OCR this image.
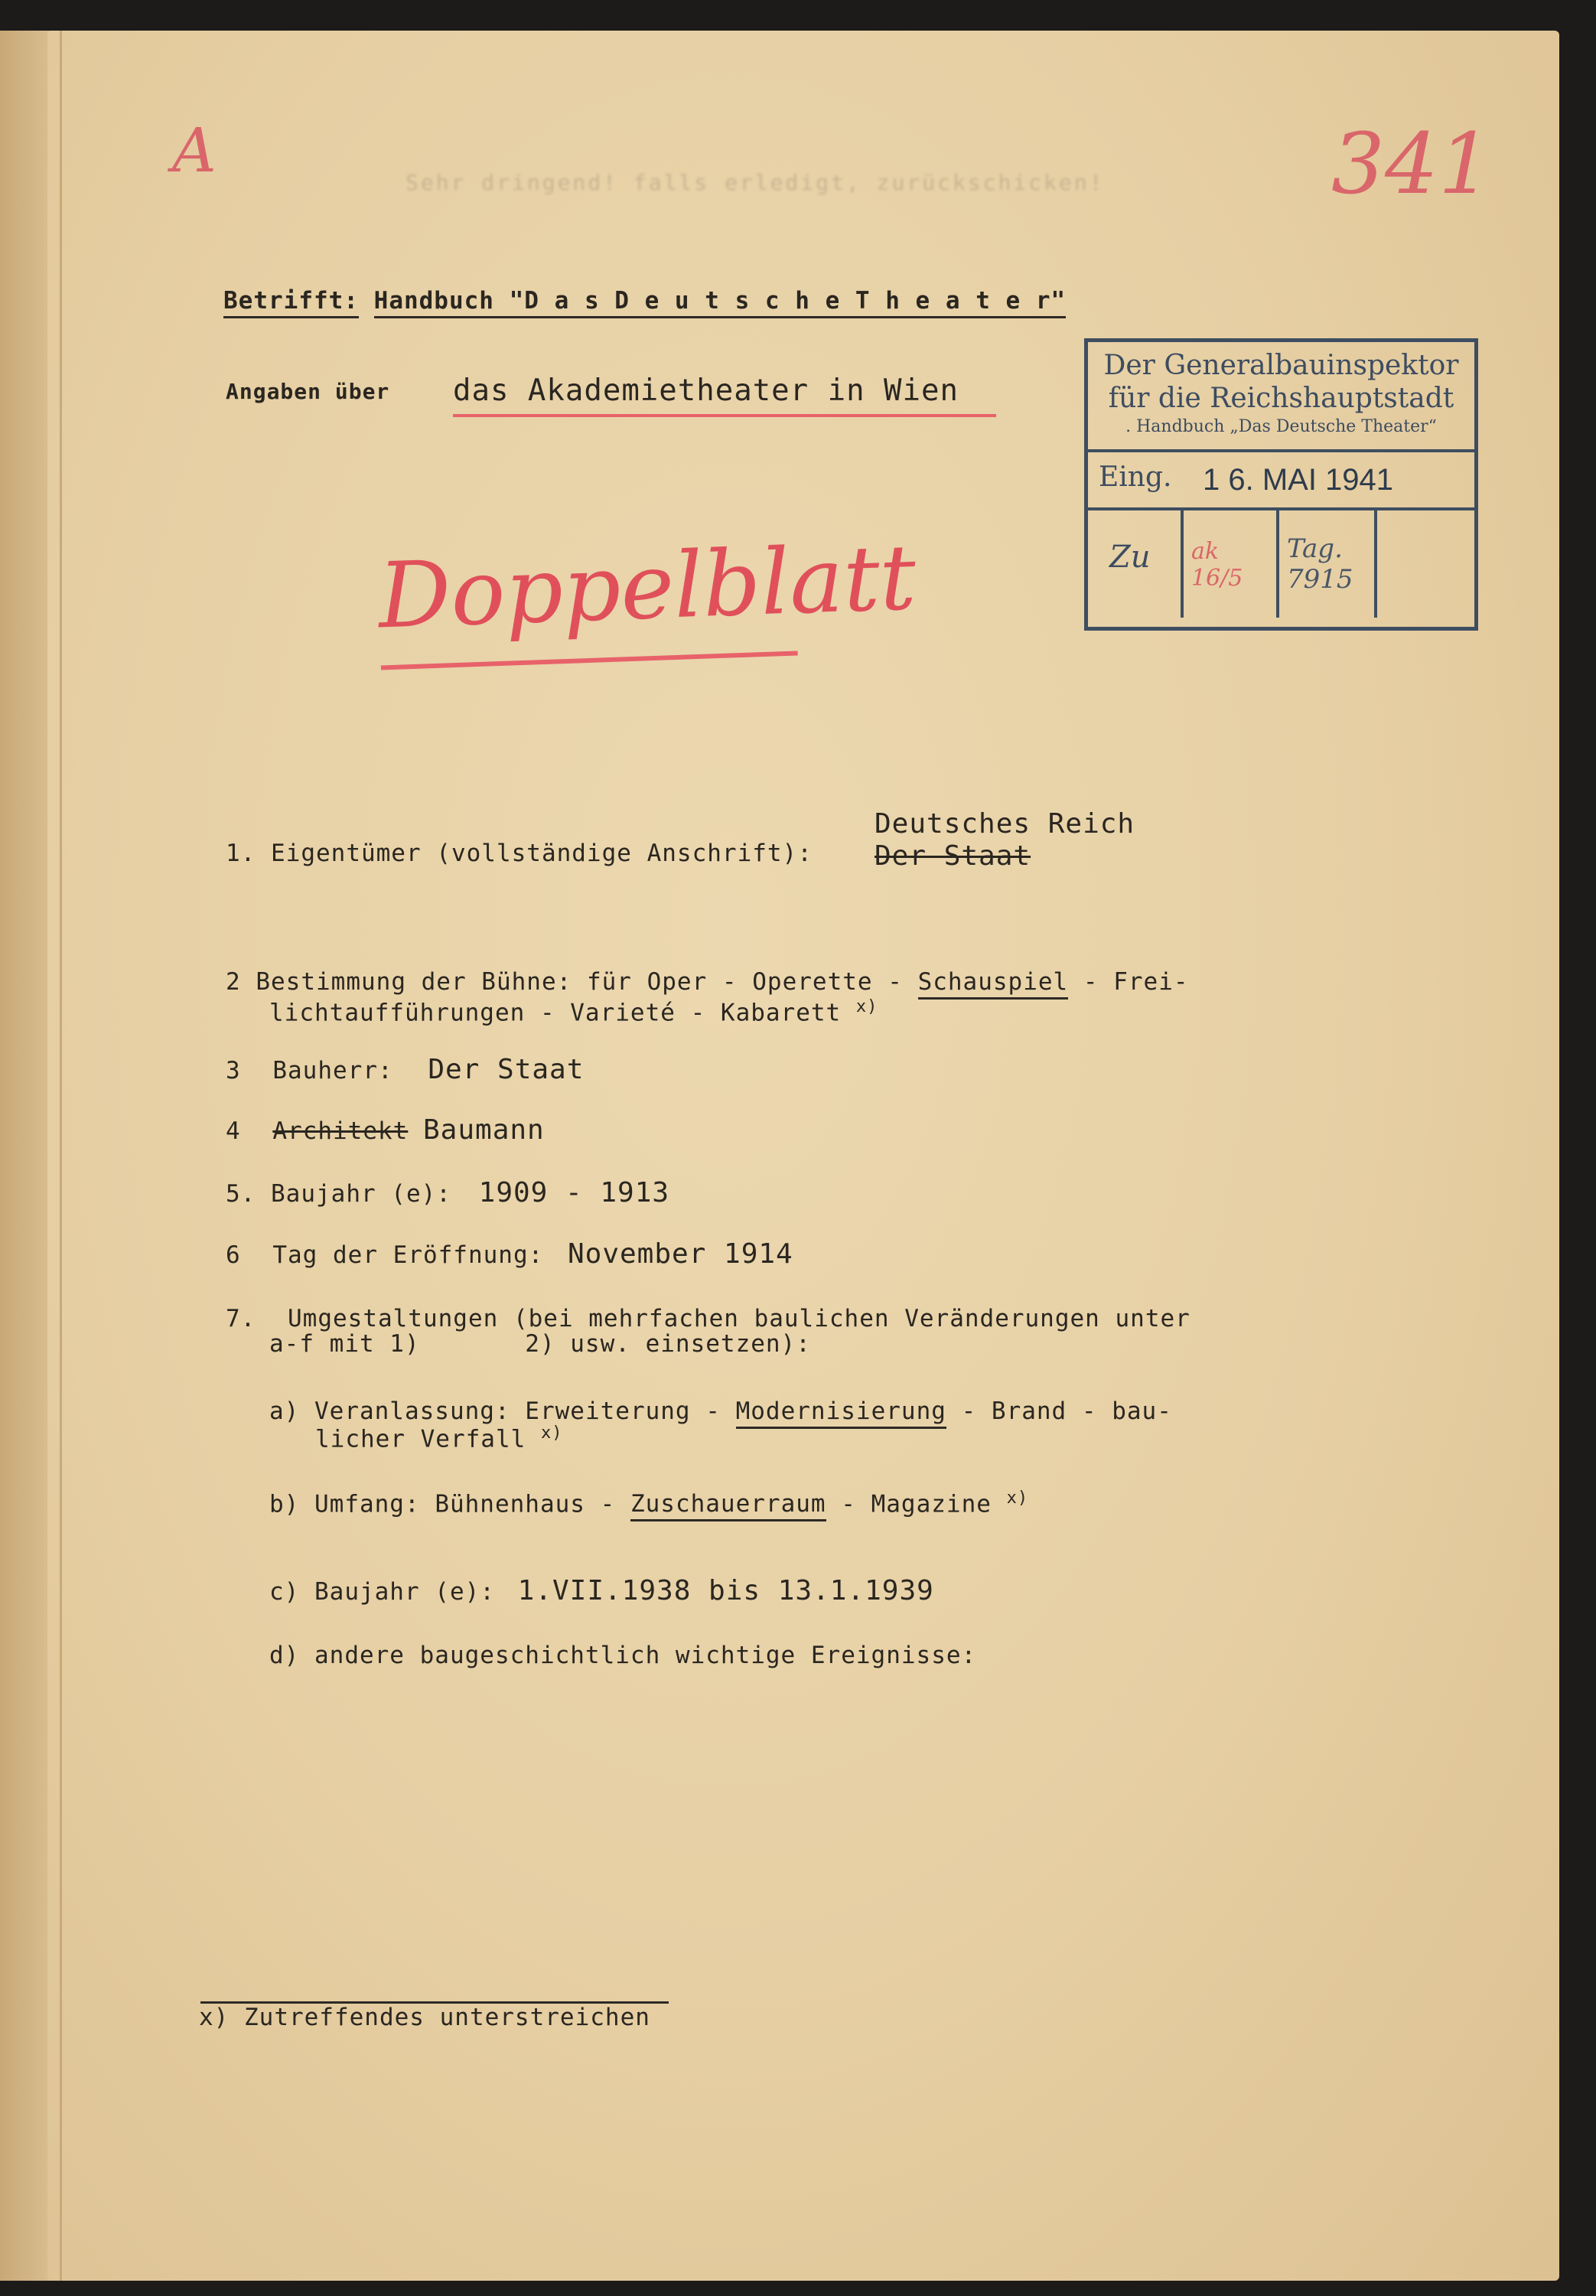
A	341
Sehr dringend! falls erledigt, zurückschicken!
Betrifft: Handbuch "D a s D e u t s c h e T h e a t e r"
Angaben über das Akademietheater in Wien
Doppelblatt
Der Generalbauinspektor
für die Reichshauptstadt
. Handbuch „Das Deutsche Theater“
Eing. 1 6. MAI 1941
Zu ak 16/5
Tag. 7915
1. Eigentümer (vollständige Anschrift):
Deutsches Reich
Der Staat
2 Bestimmung der Bühne: für Oper - Operette - Schauspiel - Frei-
lichtaufführungen - Varieté - Kabarett $^{x)}$
3 Bauherr: Der Staat
4 Architekt Baumann
5. Baujahr (e): 1909 - 1913
6 Tag der Eröffnung: November 1914
7. Umgestaltungen (bei mehrfachen baulichen Veränderungen unter
a-f mit 1)       2) usw. einsetzen):
a) Veranlassung: Erweiterung - Modernisierung - Brand - bau-
licher Verfall $^{x)}$
b) Umfang: Bühnenhaus - Zuschauerraum - Magazine $^{x)}$
c) Baujahr (e): 1.VII.1938 bis 13.1.1939
d) andere baugeschichtlich wichtige Ereignisse:
x) Zutreffendes unterstreichen
